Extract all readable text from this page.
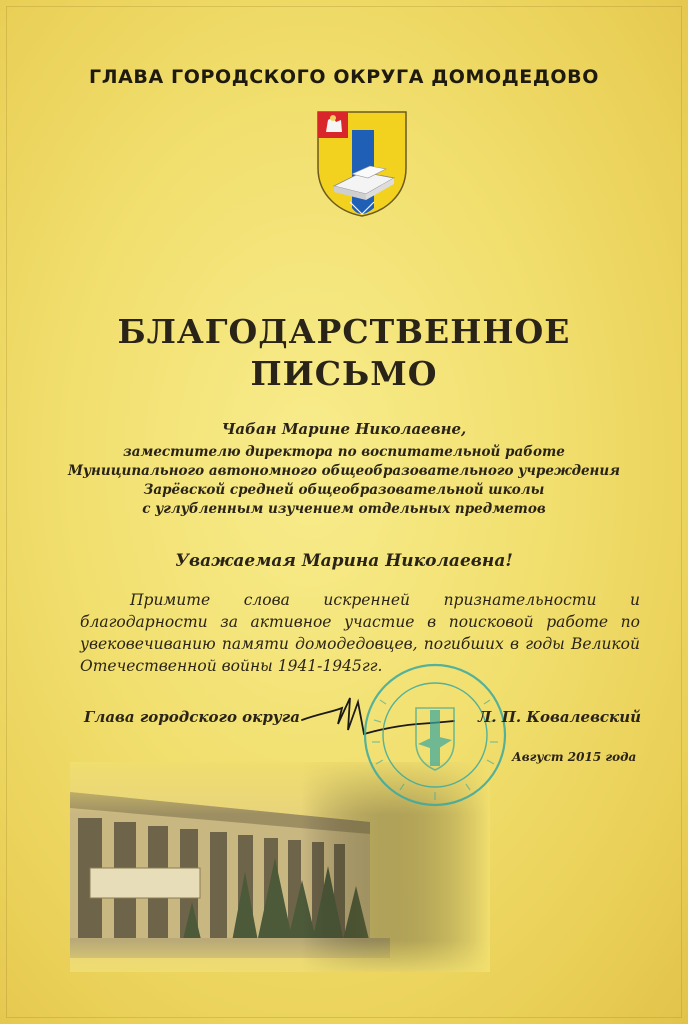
ГЛАВА ГОРОДСКОГО ОКРУГА ДОМОДЕДОВО
БЛАГОДАРСТВЕННОЕ
ПИСЬМО
Чабан Марине Николаевне,
заместителю директора по воспитательной работе
Муниципального автономного общеобразовательного учреждения
Зарёвской средней общеобразовательной школы
с углубленным изучением отдельных предметов
Уважаемая Марина Николаевна!
Примите слова искренней признательности и
благодарности за активное участие в поисковой работе по увековечиванию памяти домодедовцев, погибших в годы Великой Отечественной войны 1941-1945гг.
Глава городского округа	Л. П. Ковалевский
Август 2015 года
